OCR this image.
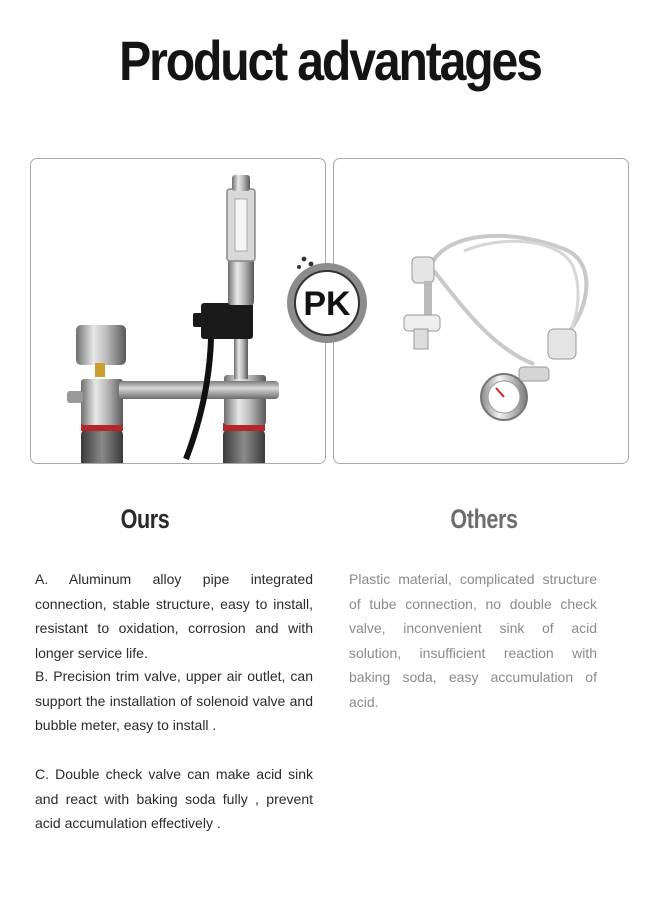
Product advantages
PK
Ours	Others
A. Aluminum alloy pipe integrated connection, stable structure, easy to install, resistant to oxidation, corrosion and with longer service life.
B. Precision trim valve, upper air outlet, can support the installation of solenoid valve and bubble meter, easy to install .
C. Double check valve can make acid sink and react with baking soda fully , prevent acid accumulation effectively .
Plastic material, complicated structure of tube connection, no double check valve, inconvenient sink of acid solution, insufficient reaction with baking soda, easy accumulation of acid.
